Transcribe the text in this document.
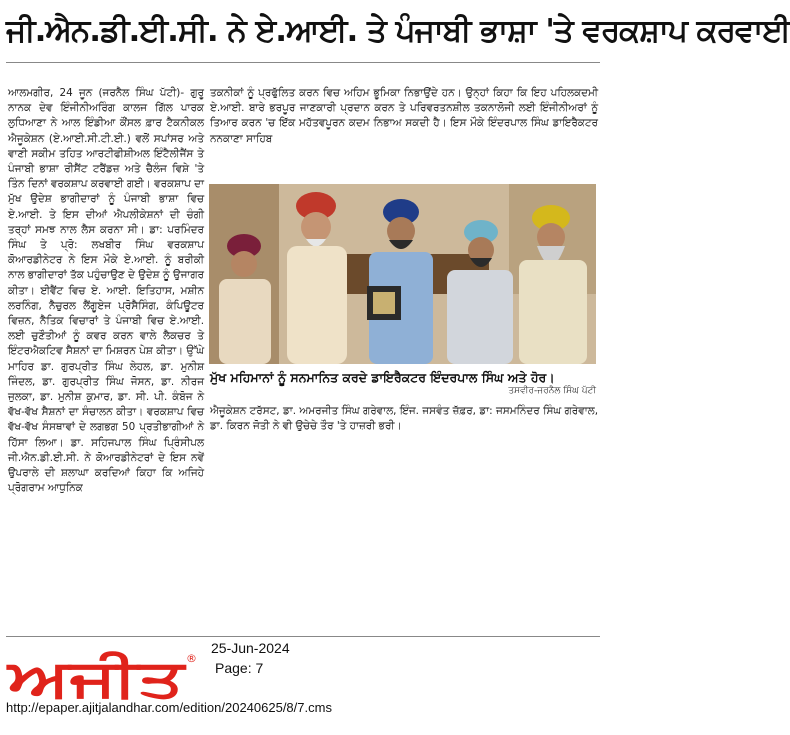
ਜੀ.ਐਨ.ਡੀ.ਈ.ਸੀ. ਨੇ ਏ.ਆਈ. ਤੇ ਪੰਜਾਬੀ ਭਾਸ਼ਾ 'ਤੇ ਵਰਕਸ਼ਾਪ ਕਰਵਾਈ
ਆਲਮਗੀਰ, 24 ਜੂਨ (ਜਰਨੈਲ ਸਿੰਘ ਪੱਟੀ)- ਗੁਰੂ ਨਾਨਕ ਦੇਵ ਇੰਜੀਨੀਅਰਿੰਗ ਕਾਲਜ ਗਿੱਲ ਪਾਰਕ ਲੁਧਿਆਣਾ ਨੇ ਆਲ ਇੰਡੀਆ ਕੌਂਸਲ ਫ਼ਾਰ ਟੈਕਨੀਕਲ ਐਜੂਕੇਸ਼ਨ (ਏ.ਆਈ.ਸੀ.ਟੀ.ਈ.) ਵਲੋਂ ਸਪਾਂਸਰ ਅਤੇ ਵਾਣੀ ਸਕੀਮ ਤਹਿਤ ਆਰਟੀਫੀਸ਼ੀਅਲ ਇੰਟੈਲੀਜੈਂਸ ਤੇ ਪੰਜਾਬੀ ਭਾਸ਼ਾ ਰੀਸੈਂਟ ਟਰੈਂਡਜ਼ ਅਤੇ ਚੈਲੰਜ ਵਿਸ਼ੇ 'ਤੇ ਤਿੰਨ ਦਿਨਾਂ ਵਰਕਸ਼ਾਪ ਕਰਵਾਈ ਗਈ। ਵਰਕਸ਼ਾਪ ਦਾ ਮੁੱਖ ਉਦੇਸ਼ ਭਾਗੀਦਾਰਾਂ ਨੂੰ ਪੰਜਾਬੀ ਭਾਸ਼ਾ ਵਿਚ ਏ.ਆਈ. ਤੇ ਇਸ ਦੀਆਂ ਐਪਲੀਕੇਸ਼ਨਾਂ ਦੀ ਚੰਗੀ ਤਰ੍ਹਾਂ ਸਮਝ ਨਾਲ ਲੈਸ ਕਰਨਾ ਸੀ। ਡਾ: ਪਰਮਿੰਦਰ ਸਿੰਘ ਤੇ ਪ੍ਰੋ: ਲਖਬੀਰ ਸਿੰਘ ਵਰਕਸ਼ਾਪ ਕੋਆਰਡੀਨੇਟਰ ਨੇ ਇਸ ਮੌਕੇ ਏ.ਆਈ. ਨੂੰ ਬਰੀਕੀ ਨਾਲ ਭਾਗੀਦਾਰਾਂ ਤੱਕ ਪਹੁੰਚਾਉਣ ਦੇ ਉਦੇਸ਼ ਨੂੰ ਉਜਾਗਰ ਕੀਤਾ। ਈਵੈਂਟ ਵਿਚ ਏ. ਆਈ. ਇਤਿਹਾਸ, ਮਸ਼ੀਨ ਲਰਨਿੰਗ, ਨੈਚੁਰਲ ਲੈਂਗੂਏਜ ਪ੍ਰੋਸੈਸਿੰਗ, ਕੰਪਿਊਟਰ ਵਿਜ਼ਨ, ਨੈਤਿਕ ਵਿਚਾਰਾਂ ਤੇ ਪੰਜਾਬੀ ਵਿਚ ਏ.ਆਈ. ਲਈ ਚੁਣੌਤੀਆਂ ਨੂੰ ਕਵਰ ਕਰਨ ਵਾਲੇ ਲੈਕਚਰ ਤੇ ਇੰਟਰਐਕਟਿਵ ਸੈਸ਼ਨਾਂ ਦਾ ਮਿਸ਼ਰਨ ਪੇਸ਼ ਕੀਤਾ। ਉੱਘੇ ਮਾਹਿਰ ਡਾ. ਗੁਰਪ੍ਰੀਤ ਸਿੰਘ ਲੇਹਲ, ਡਾ. ਮੁਨੀਸ਼ ਜਿੰਦਲ, ਡਾ. ਗੁਰਪ੍ਰੀਤ ਸਿੰਘ ਜੋਸਨ, ਡਾ. ਨੀਰਜ ਜੁਲਕਾ, ਡਾ. ਮੁਨੀਸ਼ ਕੁਮਾਰ, ਡਾ. ਸੀ. ਪੀ. ਕੰਬੋਜ ਨੇ ਵੱਖ-ਵੱਖ ਸੈਸ਼ਨਾਂ ਦਾ ਸੰਚਾਲਨ ਕੀਤਾ। ਵਰਕਸ਼ਾਪ ਵਿਚ ਵੱਖ-ਵੱਖ ਸੰਸਥਾਵਾਂ ਦੇ ਲਗਭਗ 50 ਪ੍ਰਤੀਭਾਗੀਆਂ ਨੇ ਹਿੱਸਾ ਲਿਆ। ਡਾ. ਸਹਿਜਪਾਲ ਸਿੰਘ ਪ੍ਰਿੰਸੀਪਲ ਜੀ.ਐਨ.ਡੀ.ਈ.ਸੀ. ਨੇ ਕੋਆਰਡੀਨੇਟਰਾਂ ਦੇ ਇਸ ਨਵੇਂ ਉਪਰਾਲੇ ਦੀ ਸ਼ਲਾਘਾ ਕਰਦਿਆਂ ਕਿਹਾ ਕਿ ਅਜਿਹੇ ਪ੍ਰੋਗਰਾਮ ਆਧੁਨਿਕ
ਤਕਨੀਕਾਂ ਨੂੰ ਪ੍ਰਫੁੱਲਿਤ ਕਰਨ ਵਿਚ ਅਹਿਮ ਭੂਮਿਕਾ ਨਿਭਾਉਂਦੇ ਹਨ। ਉਨ੍ਹਾਂ ਕਿਹਾ ਕਿ ਇਹ ਪਹਿਲਕਦਮੀ ਏ.ਆਈ. ਬਾਰੇ ਭਰਪੂਰ ਜਾਣਕਾਰੀ ਪ੍ਰਦਾਨ ਕਰਨ ਤੇ ਪਰਿਵਰਤਨਸ਼ੀਲ ਤਕਨਾਲੋਜੀ ਲਈ ਇੰਜੀਨੀਅਰਾਂ ਨੂੰ ਤਿਆਰ ਕਰਨ 'ਚ ਇੱਕ ਮਹੱਤਵਪੂਰਨ ਕਦਮ ਨਿਭਾਅ ਸਕਦੀ ਹੈ। ਇਸ ਮੌਕੇ ਇੰਦਰਪਾਲ ਸਿੰਘ ਡਾਇਰੈਕਟਰ ਨਨਕਾਣਾ ਸਾਹਿਬ
ਮੁੱਖ ਮਹਿਮਾਨਾਂ ਨੂੰ ਸਨਮਾਨਿਤ ਕਰਦੇ ਡਾਇਰੈਕਟਰ ਇੰਦਰਪਾਲ ਸਿੰਘ ਅਤੇ ਹੋਰ।
ਤਸਵੀਰ-ਜਰਨੈਲ ਸਿੰਘ ਪੱਟੀ
ਐਜੂਕੇਸ਼ਨ ਟਰੱਸਟ, ਡਾ. ਅਮਰਜੀਤ ਸਿੰਘ ਗਰੇਵਾਲ, ਇੰਜ. ਜਸਵੰਤ ਜ਼ੱਫ਼ਰ, ਡਾ: ਜਸਮਨਿੰਦਰ ਸਿੰਘ ਗਰੇਵਾਲ, ਡਾ. ਕਿਰਨ ਜੋਤੀ ਨੇ ਵੀ ਉਚੇਚੇ ਤੌਰ 'ਤੇ ਹਾਜ਼ਰੀ ਭਰੀ।
ਅਜੀਤ ®
25-Jun-2024
Page: 7
http://epaper.ajitjalandhar.com/edition/20240625/8/7.cms
